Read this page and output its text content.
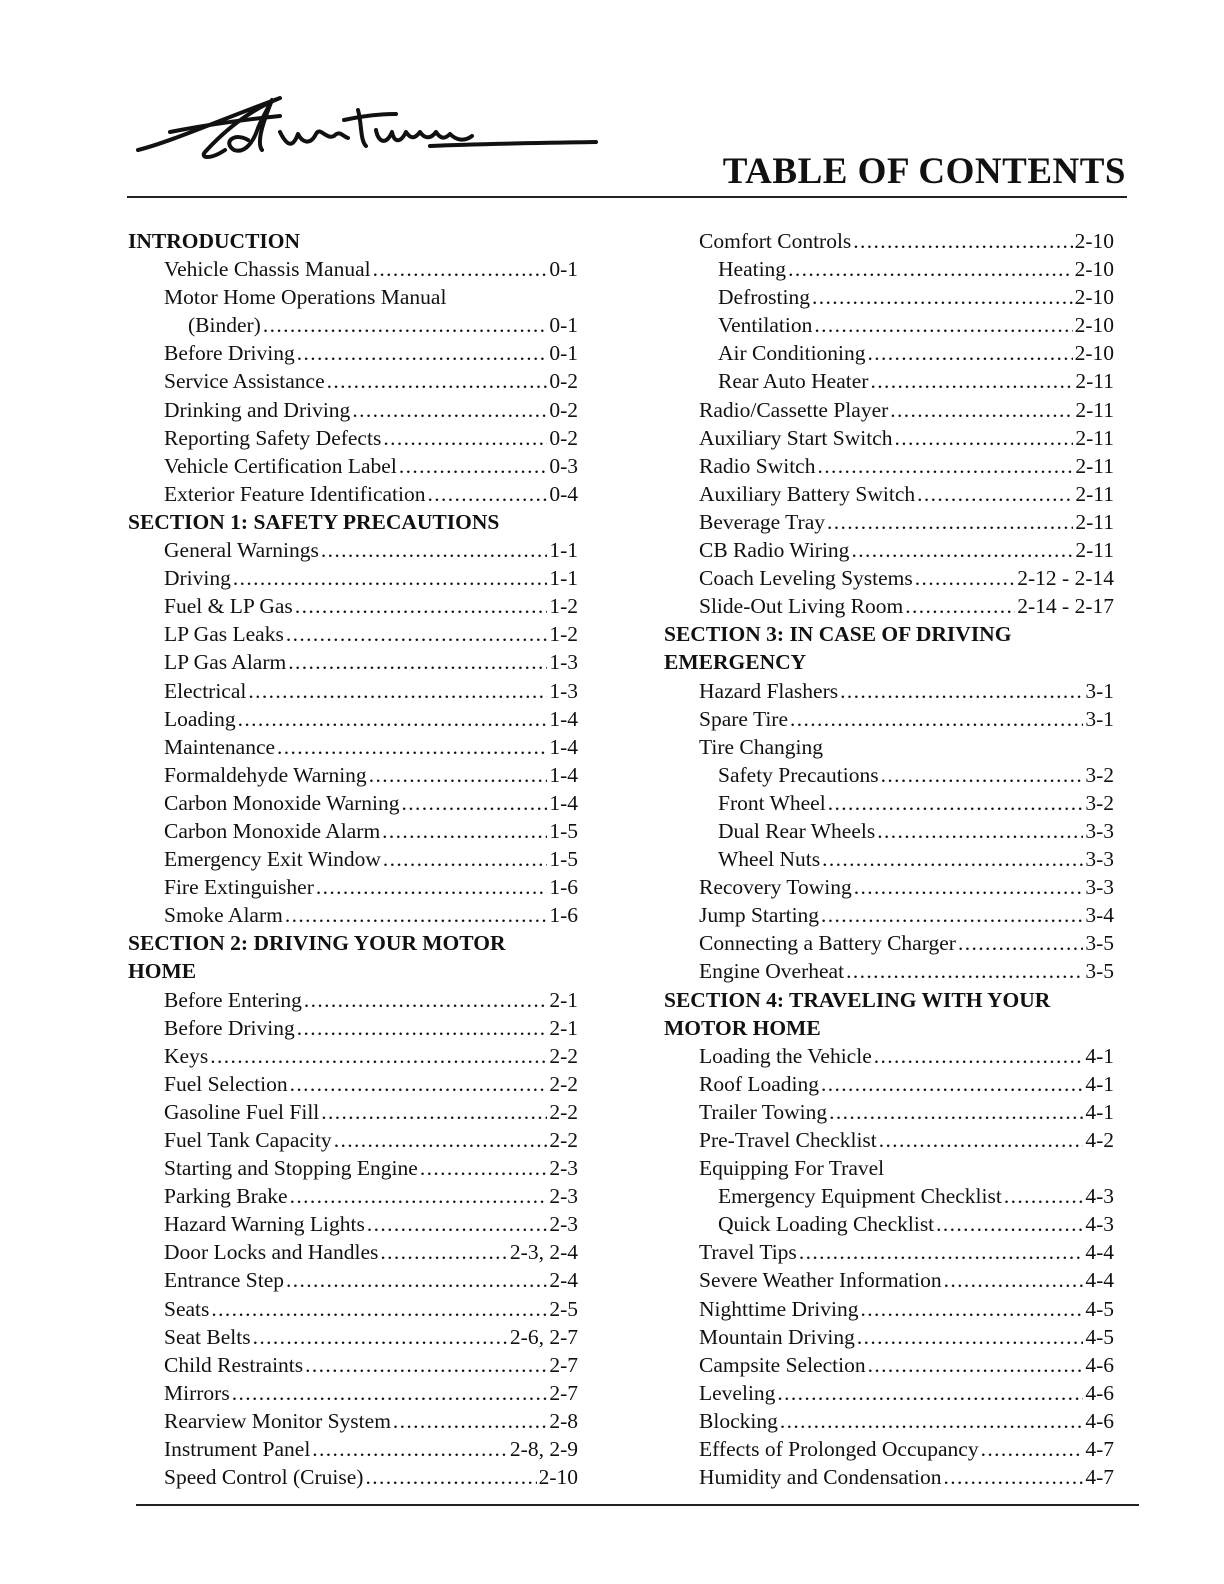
TABLE OF CONTENTS
INTRODUCTION
Vehicle Chassis Manual . . .	0-1
Motor Home Operations Manual
(Binder) . . .	0-1
Before Driving . . .	0-1
Service Assistance . . .	0-2
Drinking and Driving . . .	0-2
Reporting Safety Defects . . .	0-2
Vehicle Certification Label . . .	0-3
Exterior Feature Identification . . .	0-4
SECTION 1: SAFETY PRECAUTIONS
General Warnings . . .	1-1
Driving . . .	1-1
Fuel & LP Gas . . .	1-2
LP Gas Leaks . . .	1-2
LP Gas Alarm . . .	1-3
Electrical . . .	1-3
Loading . . .	1-4
Maintenance . . .	1-4
Formaldehyde Warning . . .	1-4
Carbon Monoxide Warning . . .	1-4
Carbon Monoxide Alarm . . .	1-5
Emergency Exit Window . . .	1-5
Fire Extinguisher . . .	1-6
Smoke Alarm . . .	1-6
SECTION 2: DRIVING YOUR MOTOR
HOME
Before Entering . . .	2-1
Before Driving . . .	2-1
Keys . . .	2-2
Fuel Selection . . .	2-2
Gasoline Fuel Fill . . .	2-2
Fuel Tank Capacity . . .	2-2
Starting and Stopping Engine . . .	2-3
Parking Brake . . .	2-3
Hazard Warning Lights . . .	2-3
Door Locks and Handles . . .	2-3, 2-4
Entrance Step . . .	2-4
Seats . . .	2-5
Seat Belts . . .	2-6, 2-7
Child Restraints . . .	2-7
Mirrors . . .	2-7
Rearview Monitor System . . .	2-8
Instrument Panel . . .	2-8, 2-9
Speed Control (Cruise) . . .	2-10
Comfort Controls . . .	2-10
Heating . . .	2-10
Defrosting . . .	2-10
Ventilation . . .	2-10
Air Conditioning . . .	2-10
Rear Auto Heater . . .	2-11
Radio/Cassette Player . . .	2-11
Auxiliary Start Switch . . .	2-11
Radio Switch . . .	2-11
Auxiliary Battery Switch . . .	2-11
Beverage Tray . . .	2-11
CB Radio Wiring . . .	2-11
Coach Leveling Systems . . .	2-12 - 2-14
Slide-Out Living Room . . .	2-14 - 2-17
SECTION 3: IN CASE OF DRIVING
EMERGENCY
Hazard Flashers . . .	3-1
Spare Tire . . .	3-1
Tire Changing
Safety Precautions . . .	3-2
Front Wheel . . .	3-2
Dual Rear Wheels . . .	3-3
Wheel Nuts . . .	3-3
Recovery Towing . . .	3-3
Jump Starting . . .	3-4
Connecting a Battery Charger . . .	3-5
Engine Overheat . . .	3-5
SECTION 4: TRAVELING WITH YOUR
MOTOR HOME
Loading the Vehicle . . .	4-1
Roof Loading . . .	4-1
Trailer Towing . . .	4-1
Pre-Travel Checklist . . .	4-2
Equipping For Travel
Emergency Equipment Checklist . . .	4-3
Quick Loading Checklist . . .	4-3
Travel Tips . . .	4-4
Severe Weather Information . . .	4-4
Nighttime Driving . . .	4-5
Mountain Driving . . .	4-5
Campsite Selection . . .	4-6
Leveling . . .	4-6
Blocking . . .	4-6
Effects of Prolonged Occupancy . . .	4-7
Humidity and Condensation . . .	4-7
